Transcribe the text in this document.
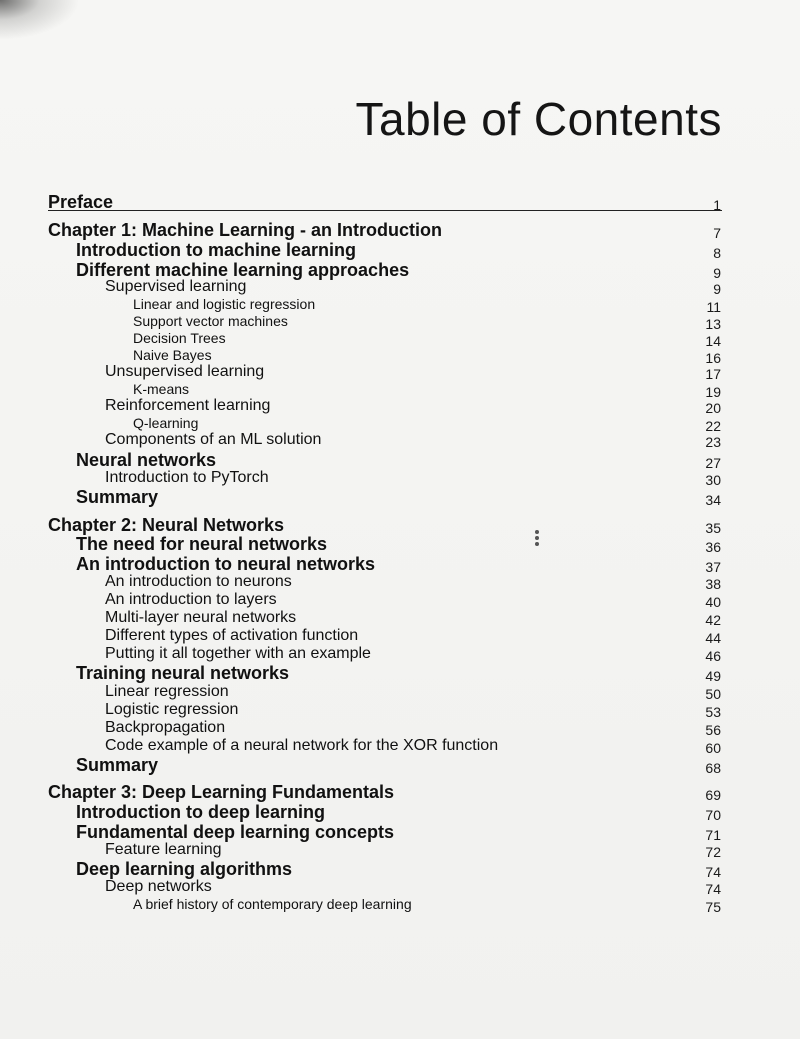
Table of Contents
Preface	1
Chapter 1: Machine Learning - an Introduction	7
Introduction to machine learning	8
Different machine learning approaches	9
Supervised learning	9
Linear and logistic regression	11
Support vector machines	13
Decision Trees	14
Naive Bayes	16
Unsupervised learning	17
K-means	19
Reinforcement learning	20
Q-learning	22
Components of an ML solution	23
Neural networks	27
Introduction to PyTorch	30
Summary	34
Chapter 2: Neural Networks	35
The need for neural networks	36
An introduction to neural networks	37
An introduction to neurons	38
An introduction to layers	40
Multi-layer neural networks	42
Different types of activation function	44
Putting it all together with an example	46
Training neural networks	49
Linear regression	50
Logistic regression	53
Backpropagation	56
Code example of a neural network for the XOR function	60
Summary	68
Chapter 3: Deep Learning Fundamentals	69
Introduction to deep learning	70
Fundamental deep learning concepts	71
Feature learning	72
Deep learning algorithms	74
Deep networks	74
A brief history of contemporary deep learning	75
